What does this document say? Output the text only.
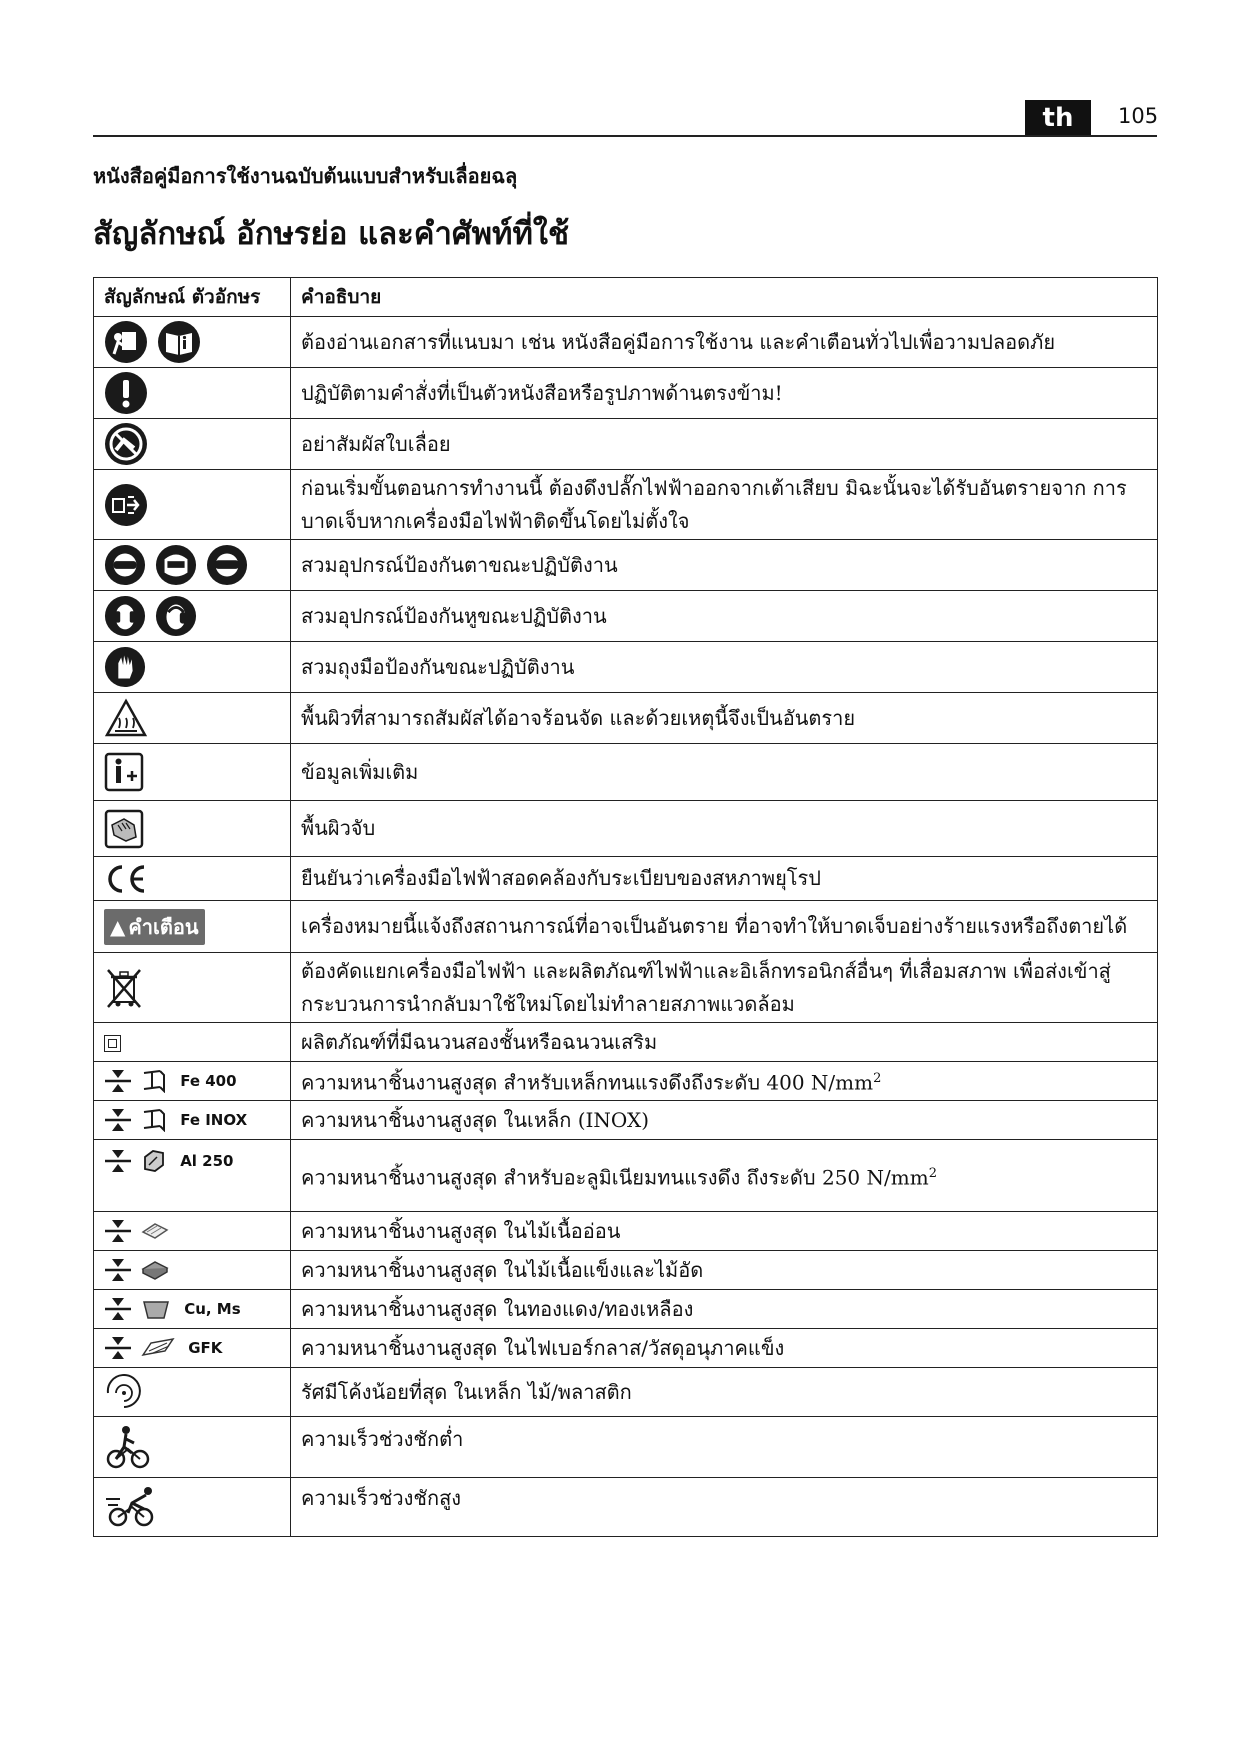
th	105
หนังสือคู่มือการใช้งานฉบับต้นแบบสำหรับเลื่อยฉลุ
สัญลักษณ์ อักษรย่อ และคำศัพท์ที่ใช้
สัญลักษณ์ ตัวอักษร	คำอธิบาย

	ต้องอ่านเอกสารที่แนบมา เช่น หนังสือคู่มือการใช้งาน และคำเตือนทั่วไปเพื่อวามปลอดภัย

	ปฏิบัติตามคำสั่งที่เป็นตัวหนังสือหรือรูปภาพด้านตรงข้าม!

	อย่าสัมผัสใบเลื่อย

	ก่อนเริ่มขั้นตอนการทำงานนี้ ต้องดึงปลั๊กไฟฟ้าออกจากเต้าเสียบ มิฉะนั้นจะได้รับอันตรายจาก การบาดเจ็บหากเครื่องมือไฟฟ้าติดขึ้นโดยไม่ตั้งใจ

	สวมอุปกรณ์ป้องกันตาขณะปฏิบัติงาน

	สวมอุปกรณ์ป้องกันหูขณะปฏิบัติงาน

	สวมถุงมือป้องกันขณะปฏิบัติงาน

	พื้นผิวที่สามารถสัมผัสได้อาจร้อนจัด และด้วยเหตุนี้จึงเป็นอันตราย

	ข้อมูลเพิ่มเติม

	พื้นผิวจับ

	ยืนยันว่าเครื่องมือไฟฟ้าสอดคล้องกับระเบียบของสหภาพยุโรป

▲ คำเตือน	เครื่องหมายนี้แจ้งถึงสถานการณ์ที่อาจเป็นอันตราย ที่อาจทำให้บาดเจ็บอย่างร้ายแรงหรือถึงตายได้

	ต้องคัดแยกเครื่องมือไฟฟ้า และผลิตภัณฑ์ไฟฟ้าและอิเล็กทรอนิกส์อื่นๆ ที่เสื่อมสภาพ เพื่อส่งเข้าสู่ กระบวนการนำกลับมาใช้ใหม่โดยไม่ทำลายสภาพแวดล้อม
	ผลิตภัณฑ์ที่มีฉนวนสองชั้นหรือฉนวนเสริม

Fe 400	ความหนาชิ้นงานสูงสุด สำหรับเหล็กทนแรงดึงถึงระดับ 400 $N/mm^2$

Fe INOX	ความหนาชิ้นงานสูงสุด ในเหล็ก (INOX)

Al 250	ความหนาชิ้นงานสูงสุด สำหรับอะลูมิเนียมทนแรงดึง ถึงระดับ 250 $N/mm^2$

	ความหนาชิ้นงานสูงสุด ในไม้เนื้ออ่อน

	ความหนาชิ้นงานสูงสุด ในไม้เนื้อแข็งและไม้อัด

Cu, Ms	ความหนาชิ้นงานสูงสุด ในทองแดง/ทองเหลือง

GFK	ความหนาชิ้นงานสูงสุด ในไฟเบอร์กลาส/วัสดุอนุภาคแข็ง

	รัศมีโค้งน้อยที่สุด ในเหล็ก ไม้/พลาสติก

	ความเร็วช่วงชักต่ำ

	ความเร็วช่วงชักสูง
